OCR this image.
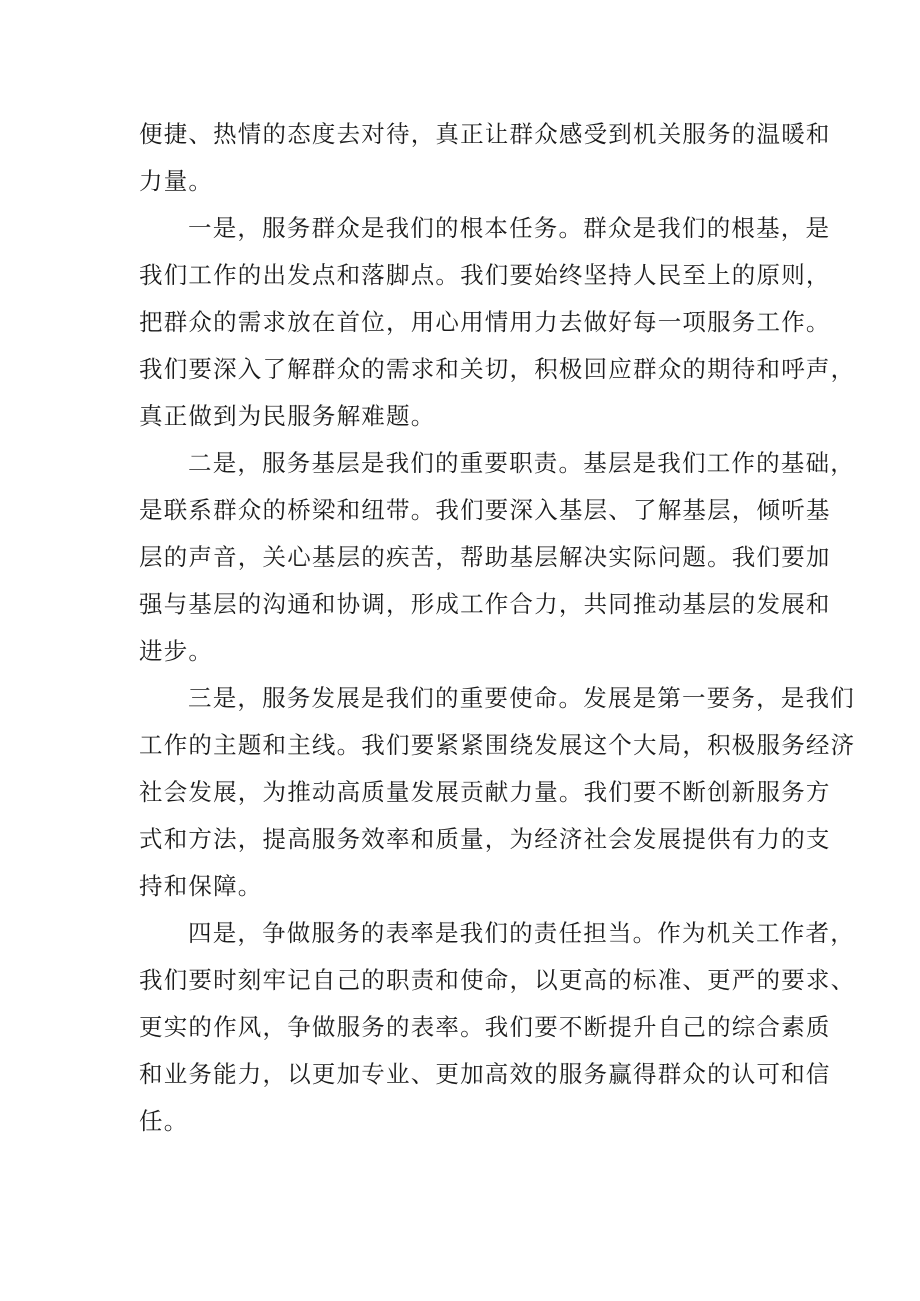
便捷、热情的态度去对待，真正让群众感受到机关服务的温暖和
力量。
一是，服务群众是我们的根本任务。群众是我们的根基，是
我们工作的出发点和落脚点。我们要始终坚持人民至上的原则，
把群众的需求放在首位，用心用情用力去做好每一项服务工作。
我们要深入了解群众的需求和关切，积极回应群众的期待和呼声，
真正做到为民服务解难题。
二是，服务基层是我们的重要职责。基层是我们工作的基础，
是联系群众的桥梁和纽带。我们要深入基层、了解基层，倾听基
层的声音，关心基层的疾苦，帮助基层解决实际问题。我们要加
强与基层的沟通和协调，形成工作合力，共同推动基层的发展和
进步。
三是，服务发展是我们的重要使命。发展是第一要务，是我们
工作的主题和主线。我们要紧紧围绕发展这个大局，积极服务经济
社会发展，为推动高质量发展贡献力量。我们要不断创新服务方
式和方法，提高服务效率和质量，为经济社会发展提供有力的支
持和保障。
四是，争做服务的表率是我们的责任担当。作为机关工作者，
我们要时刻牢记自己的职责和使命，以更高的标准、更严的要求、
更实的作风，争做服务的表率。我们要不断提升自己的综合素质
和业务能力，以更加专业、更加高效的服务赢得群众的认可和信
任。
